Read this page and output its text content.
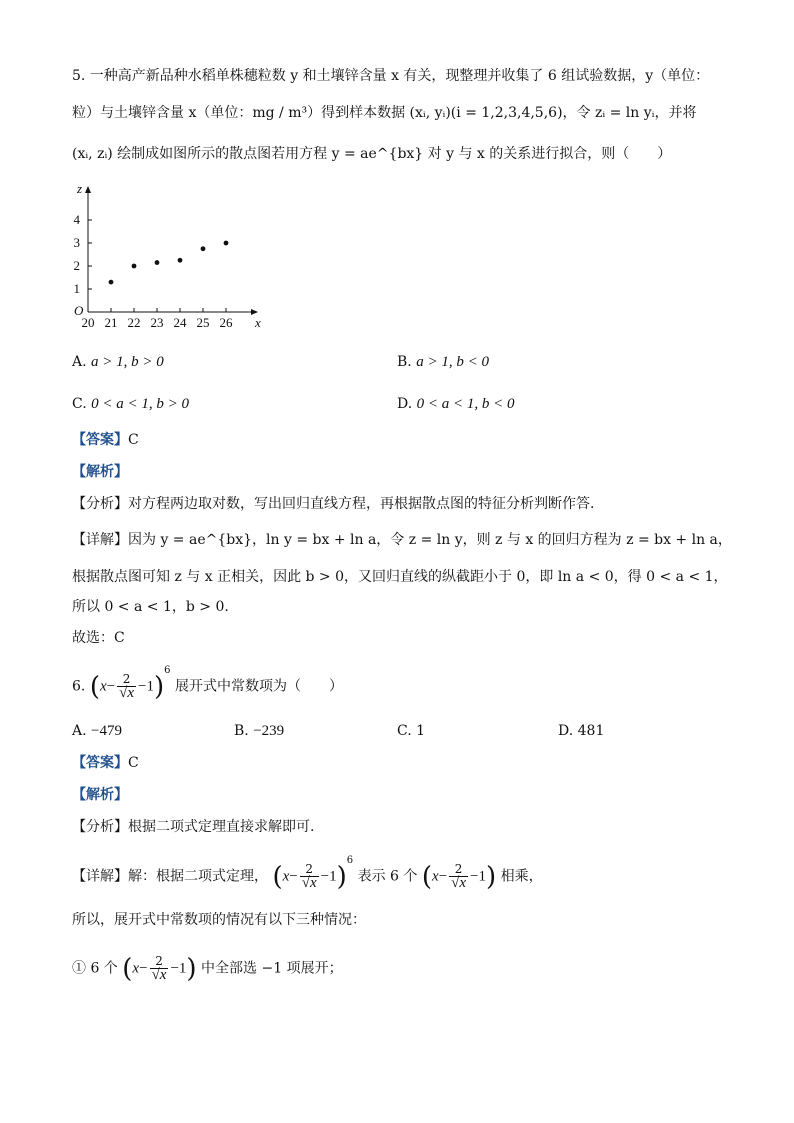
5. 一种高产新品种水稻单株穗粒数 y 和土壤锌含量 x 有关，现整理并收集了 6 组试验数据，y（单位：
粒）与土壤锌含量 x（单位：mg / m³）得到样本数据 (xᵢ, yᵢ)(i = 1,2,3,4,5,6)，令 zᵢ = ln yᵢ，并将
(xᵢ, zᵢ) 绘制成如图所示的散点图若用方程 y = ae^{bx} 对 y 与 x 的关系进行拟合，则（　　）
x
z
O
20 21 22 23 24 25 26
1
2
3
4
A. a > 1, b > 0	B. a > 1, b < 0
C. 0 < a < 1, b > 0	D. 0 < a < 1, b < 0
【答案】C
【解析】
【分析】对方程两边取对数，写出回归直线方程，再根据散点图的特征分析判断作答.
【详解】因为 y = ae^{bx}，ln y = bx + ln a，令 z = ln y，则 z 与 x 的回归方程为 z = bx + ln a，
根据散点图可知 z 与 x 正相关，因此 b > 0，又回归直线的纵截距小于 0，即 ln a < 0，得 0 < a < 1，
所以 0 < a < 1，b > 0.
故选：C
6. $(x- \frac{2}{√x} -1)^6$ 展开式中常数项为（　　）
A. −479	B. −239	C. 1	D. 481
【答案】C
【解析】
【分析】根据二项式定理直接求解即可.
【详解】解：根据二项式定理， $(x- \frac{2}{√x} -1)^6$ 表示 6 个 $(x- \frac{2}{√x} -1)$ 相乘，
所以，展开式中常数项的情况有以下三种情况：
① 6 个 $(x- \frac{2}{√x} -1)$ 中全部选 −1 项展开；
